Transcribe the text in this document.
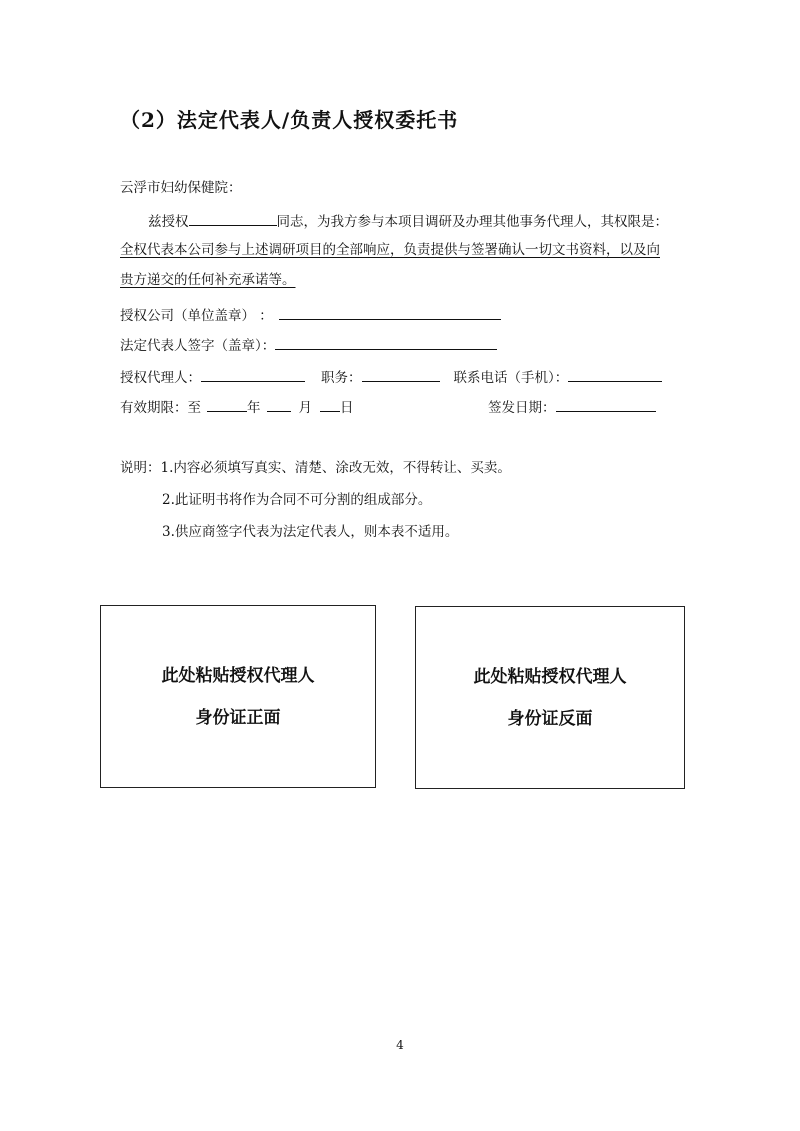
（2）法定代表人/负责人授权委托书
云浮市妇幼保健院：
兹授权	同志，为我方参与本项目调研及办理其他事务代理人，其权限是：
全权代表本公司参与上述调研项目的全部响应，负责提供与签署确认一切文书资料，以及向
贵方递交的任何补充承诺等。
授权公司（单位盖章） ：
法定代表人签字（盖章）：
授权代理人：	职务：	联系电话（手机）：
有效期限：至	年	月 日	签发日期：
说明：1.内容必须填写真实、清楚、涂改无效，不得转让、买卖。
2.此证明书将作为合同不可分割的组成部分。
3.供应商签字代表为法定代表人，则本表不适用。
此处粘贴授权代理人
身份证正面
此处粘贴授权代理人
身份证反面
4
